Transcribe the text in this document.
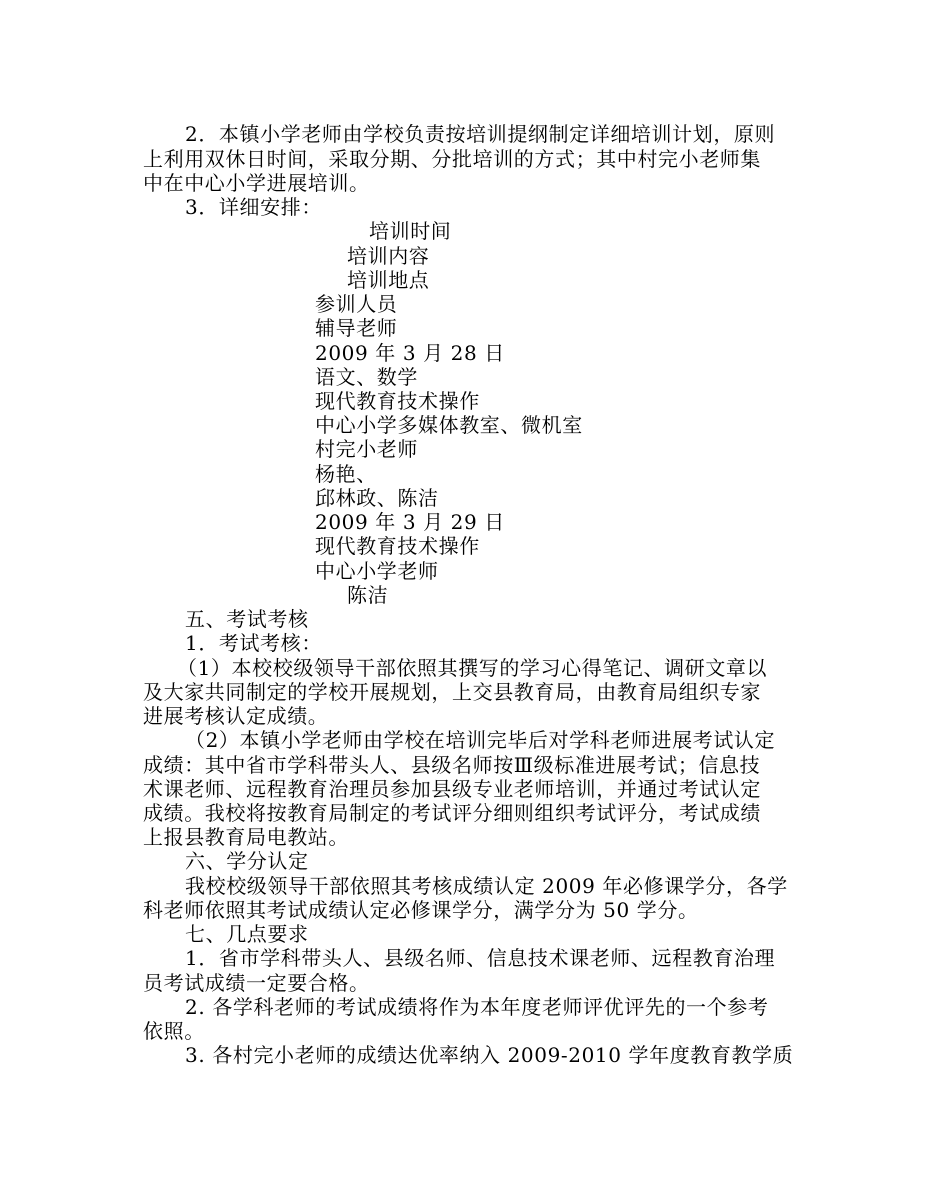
2．本镇小学老师由学校负责按培训提纲制定详细培训计划，原则
上利用双休日时间，采取分期、分批培训的方式；其中村完小老师集
中在中心小学进展培训。
3．详细安排：
培训时间
培训内容
培训地点
参训人员
辅导老师
2009 年 3 月 28 日
语文、数学
现代教育技术操作
中心小学多媒体教室、微机室
村完小老师
杨艳、
邱林政、陈洁
2009 年 3 月 29 日
现代教育技术操作
中心小学老师
陈洁
五、考试考核
1．考试考核：
（1）本校校级领导干部依照其撰写的学习心得笔记、调研文章以
及大家共同制定的学校开展规划，上交县教育局，由教育局组织专家
进展考核认定成绩。
（2）本镇小学老师由学校在培训完毕后对学科老师进展考试认定
成绩：其中省市学科带头人、县级名师按Ⅲ级标准进展考试；信息技
术课老师、远程教育治理员参加县级专业老师培训，并通过考试认定
成绩。我校将按教育局制定的考试评分细则组织考试评分，考试成绩
上报县教育局电教站。
六、学分认定
我校校级领导干部依照其考核成绩认定 2009 年必修课学分，各学
科老师依照其考试成绩认定必修课学分，满学分为 50 学分。
七、几点要求
1．省市学科带头人、县级名师、信息技术课老师、远程教育治理
员考试成绩一定要合格。
2. 各学科老师的考试成绩将作为本年度老师评优评先的一个参考
依照。
3. 各村完小老师的成绩达优率纳入 2009-2010 学年度教育教学质
